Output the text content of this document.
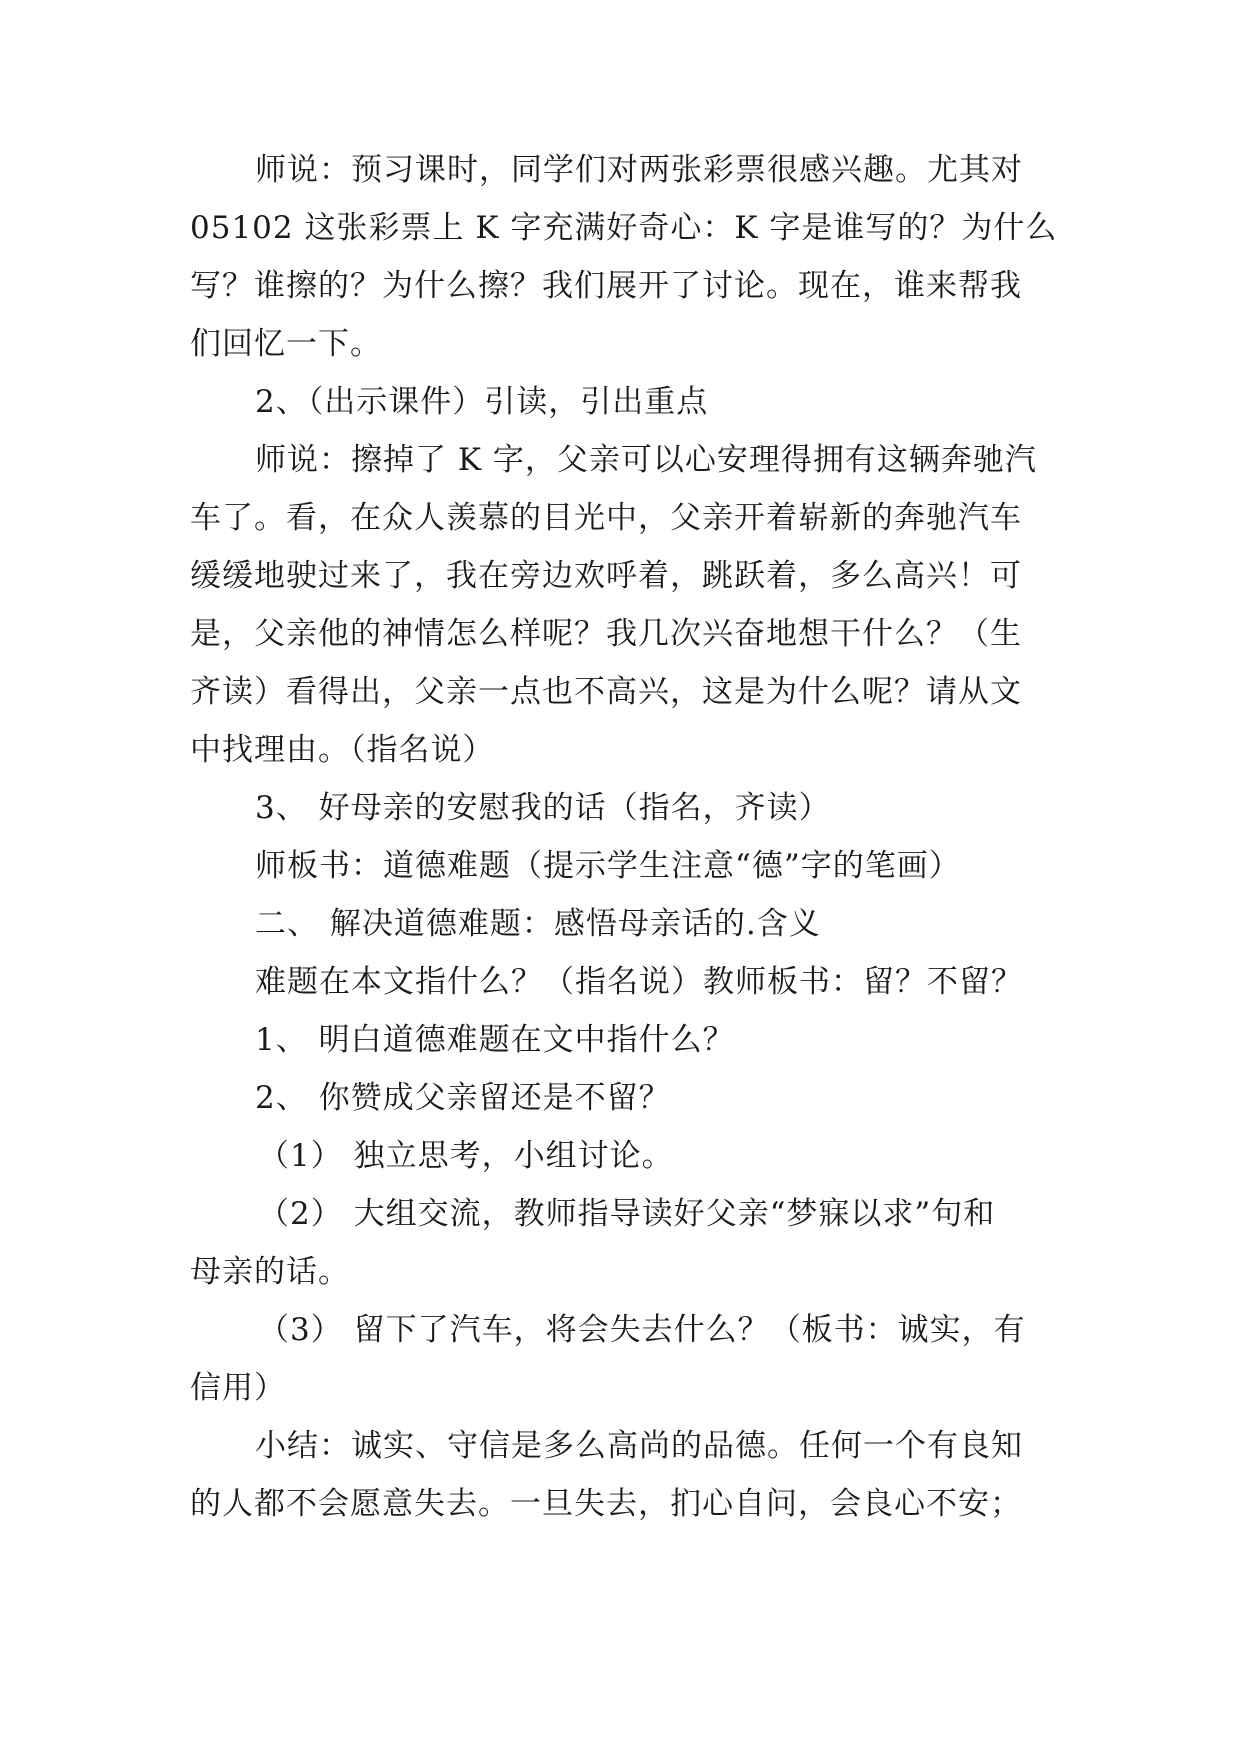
师说：预习课时，同学们对两张彩票很感兴趣。尤其对
05102 这张彩票上 K 字充满好奇心：K 字是谁写的？为什么
写？谁擦的？为什么擦？我们展开了讨论。现在，谁来帮我
们回忆一下。
2、（出示课件）引读，引出重点
师说：擦掉了 K 字，父亲可以心安理得拥有这辆奔驰汽
车了。看，在众人羡慕的目光中，父亲开着崭新的奔驰汽车
缓缓地驶过来了，我在旁边欢呼着，跳跃着，多么高兴！可
是，父亲他的神情怎么样呢？我几次兴奋地想干什么？（生
齐读）看得出，父亲一点也不高兴，这是为什么呢？请从文
中找理由。（指名说）
3、 好母亲的安慰我的话（指名，齐读）
师板书：道德难题（提示学生注意“德”字的笔画）
二、 解决道德难题：感悟母亲话的.含义
难题在本文指什么？（指名说）教师板书：留？不留？
1、 明白道德难题在文中指什么？
2、 你赞成父亲留还是不留？
（1） 独立思考，小组讨论。
（2） 大组交流，教师指导读好父亲“梦寐以求”句和
母亲的话。
（3） 留下了汽车，将会失去什么？（板书：诚实，有
信用）
小结：诚实、守信是多么高尚的品德。任何一个有良知
的人都不会愿意失去。一旦失去，扪心自问，会良心不安；
